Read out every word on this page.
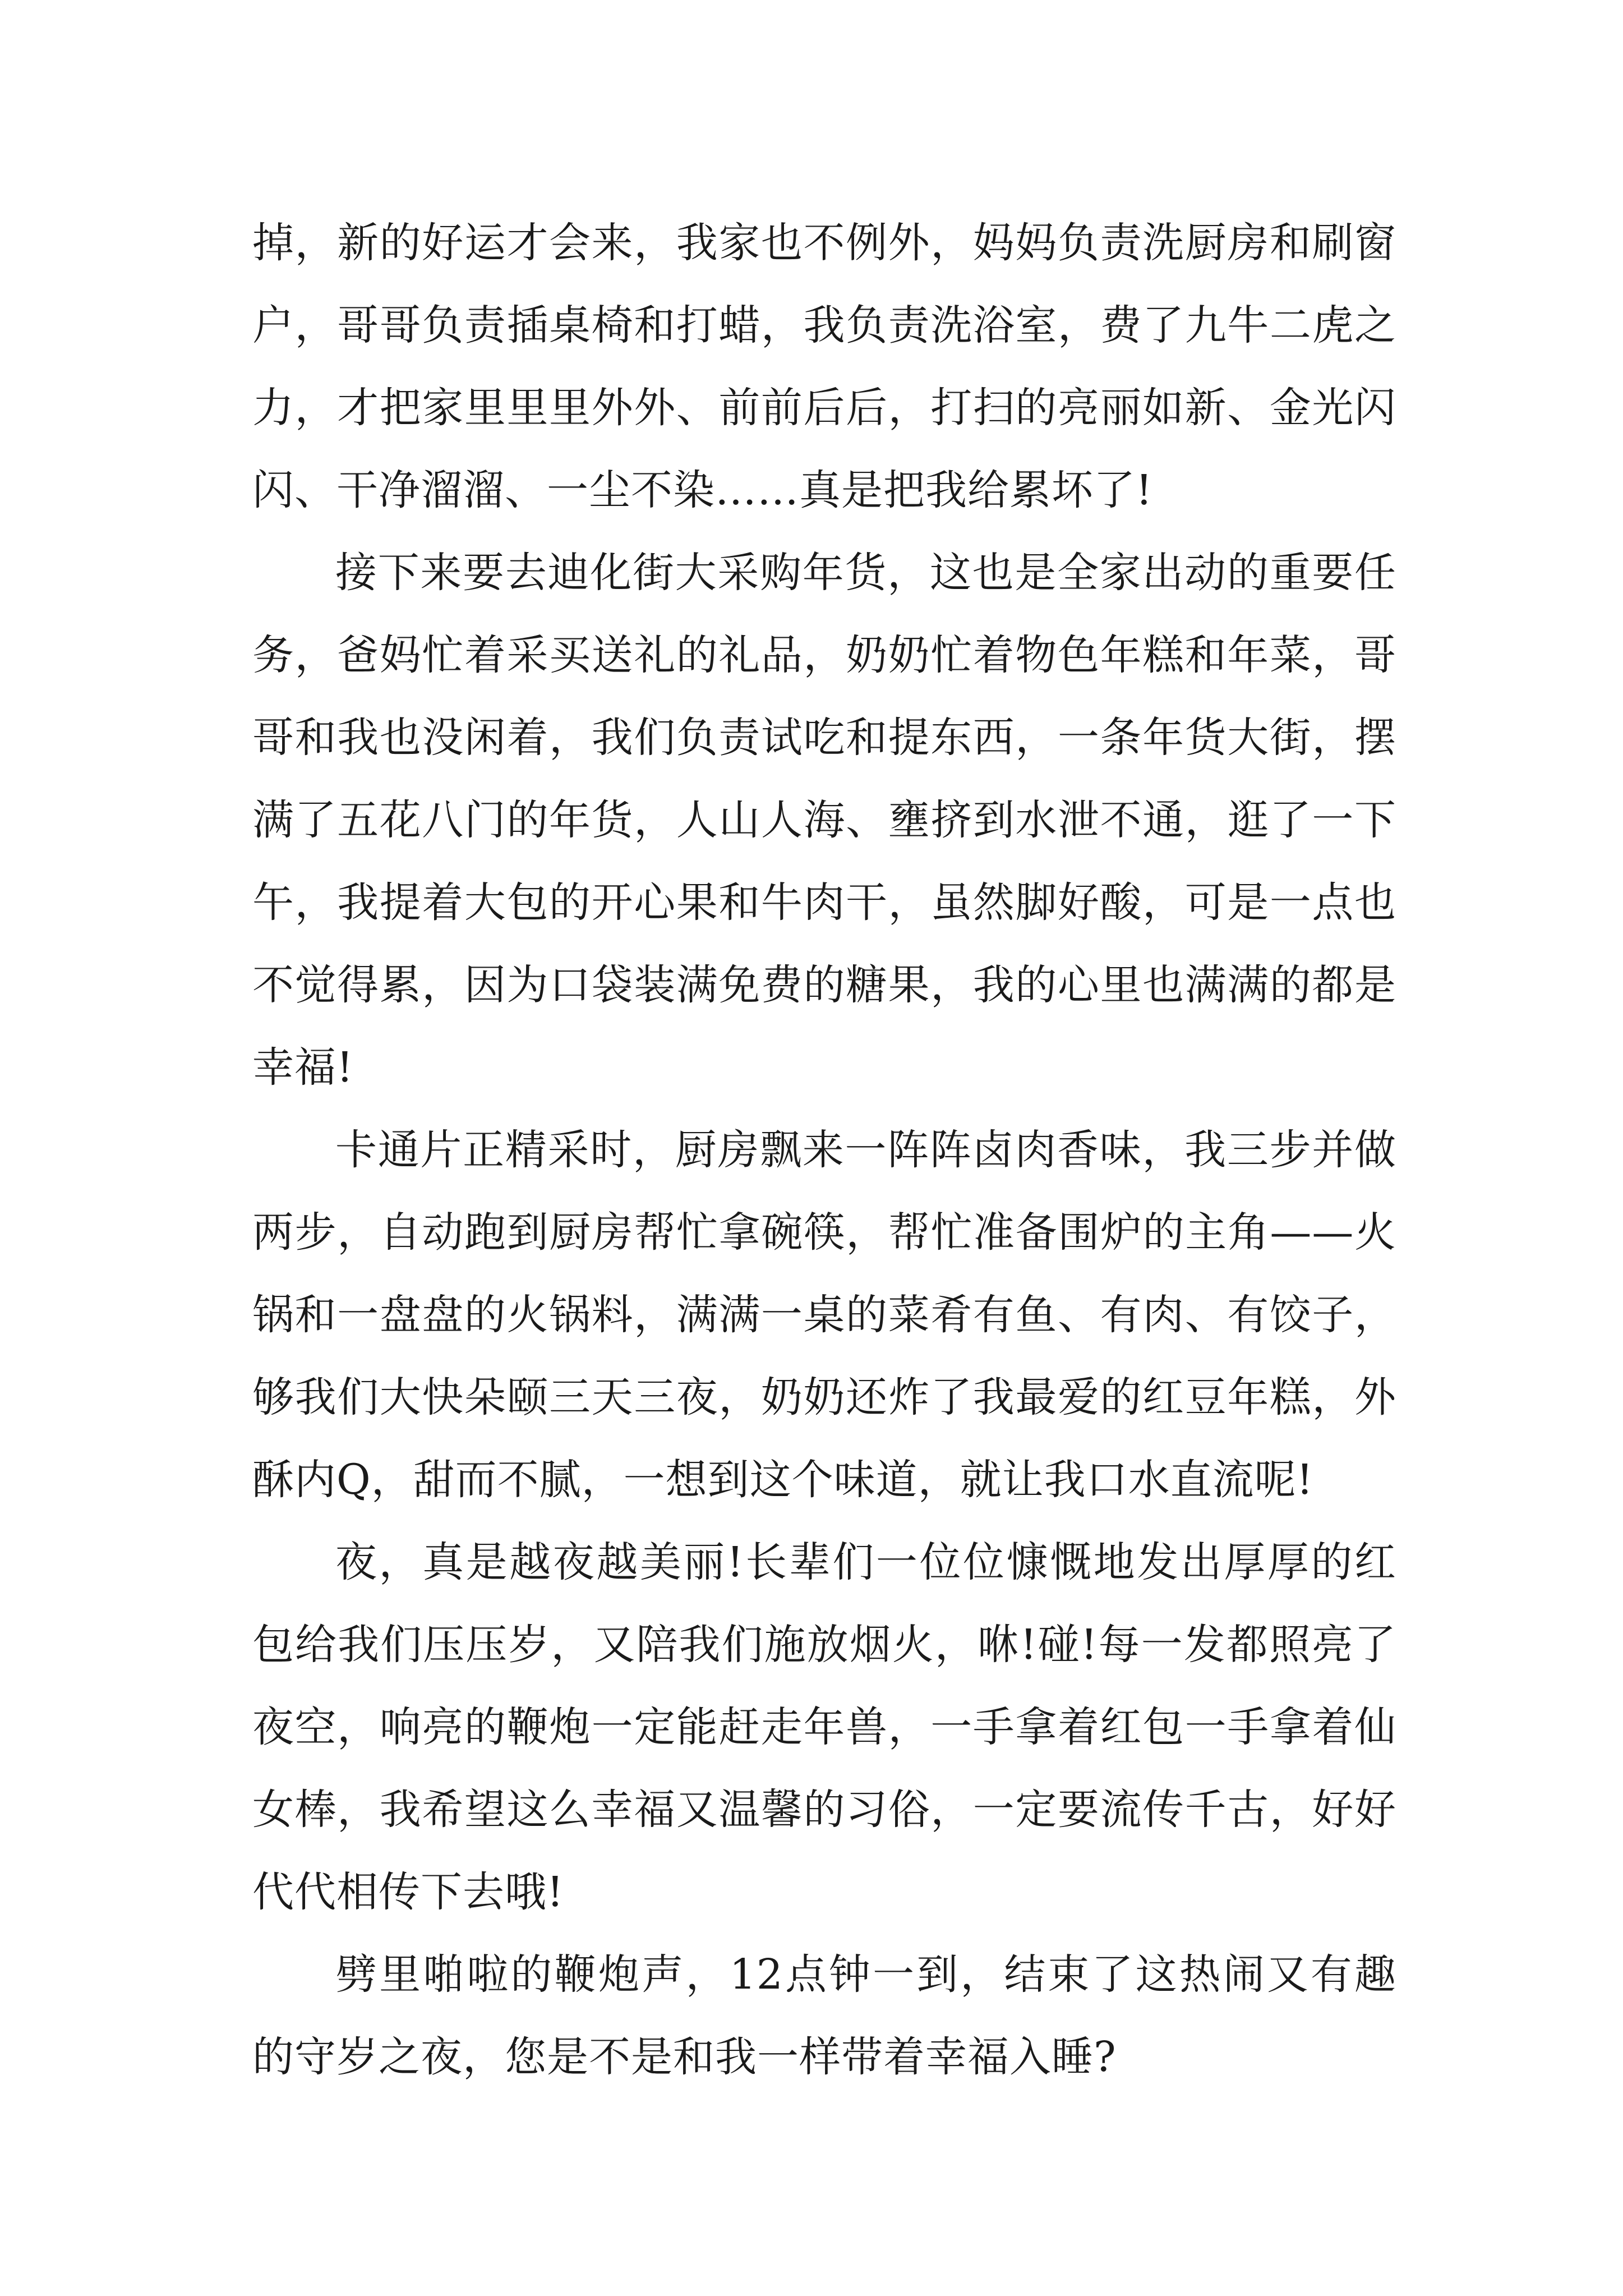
掉，新的好运才会来，我家也不例外，妈妈负责洗厨房和刷窗户，哥哥负责插桌椅和打蜡，我负责洗浴室，费了九牛二虎之力，才把家里里里外外、前前后后，打扫的亮丽如新、金光闪闪、干净溜溜、一尘不染……真是把我给累坏了!

接下来要去迪化街大采购年货，这也是全家出动的重要任务，爸妈忙着采买送礼的礼品，奶奶忙着物色年糕和年菜，哥哥和我也没闲着，我们负责试吃和提东西，一条年货大街，摆满了五花八门的年货，人山人海、壅挤到水泄不通，逛了一下午，我提着大包的开心果和牛肉干，虽然脚好酸，可是一点也不觉得累，因为口袋装满免费的糖果，我的心里也满满的都是幸福!

卡通片正精采时，厨房飘来一阵阵卤肉香味，我三步并做两步，自动跑到厨房帮忙拿碗筷，帮忙准备围炉的主角——火锅和一盘盘的火锅料，满满一桌的菜肴有鱼、有肉、有饺子，够我们大快朵颐三天三夜，奶奶还炸了我最爱的红豆年糕，外酥内Q，甜而不腻，一想到这个味道，就让我口水直流呢!

夜，真是越夜越美丽!长辈们一位位慷慨地发出厚厚的红包给我们压压岁，又陪我们施放烟火，咻!碰!每一发都照亮了夜空，响亮的鞭炮一定能赶走年兽，一手拿着红包一手拿着仙女棒，我希望这么幸福又温馨的习俗，一定要流传千古，好好代代相传下去哦!

劈里啪啦的鞭炮声，12点钟一到，结束了这热闹又有趣的守岁之夜，您是不是和我一样带着幸福入睡?
